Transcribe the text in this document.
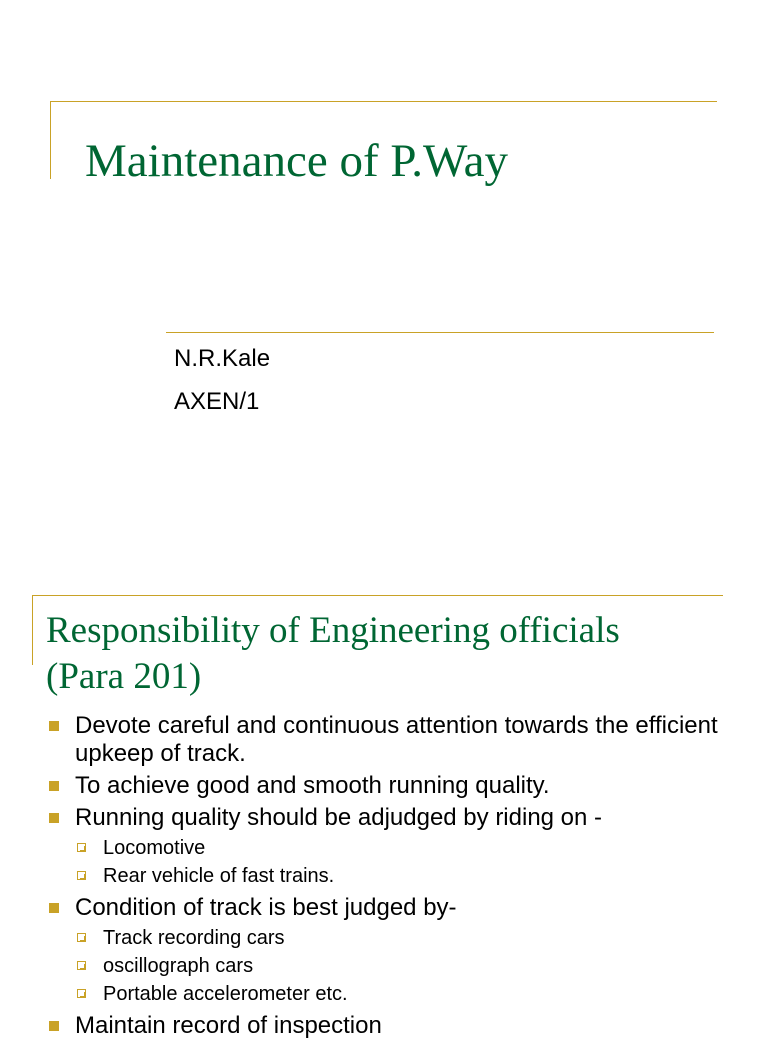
Maintenance of P.Way
N.R.Kale
AXEN/1
Responsibility of Engineering officials
(Para 201)
Devote careful and continuous attention towards the efficient upkeep of track.
To achieve good and smooth running quality.
Running quality should be adjudged by riding on -
Locomotive
Rear vehicle of fast trains.
Condition of track is best judged by-
Track recording cars
oscillograph cars
Portable accelerometer etc.
Maintain record of inspection
